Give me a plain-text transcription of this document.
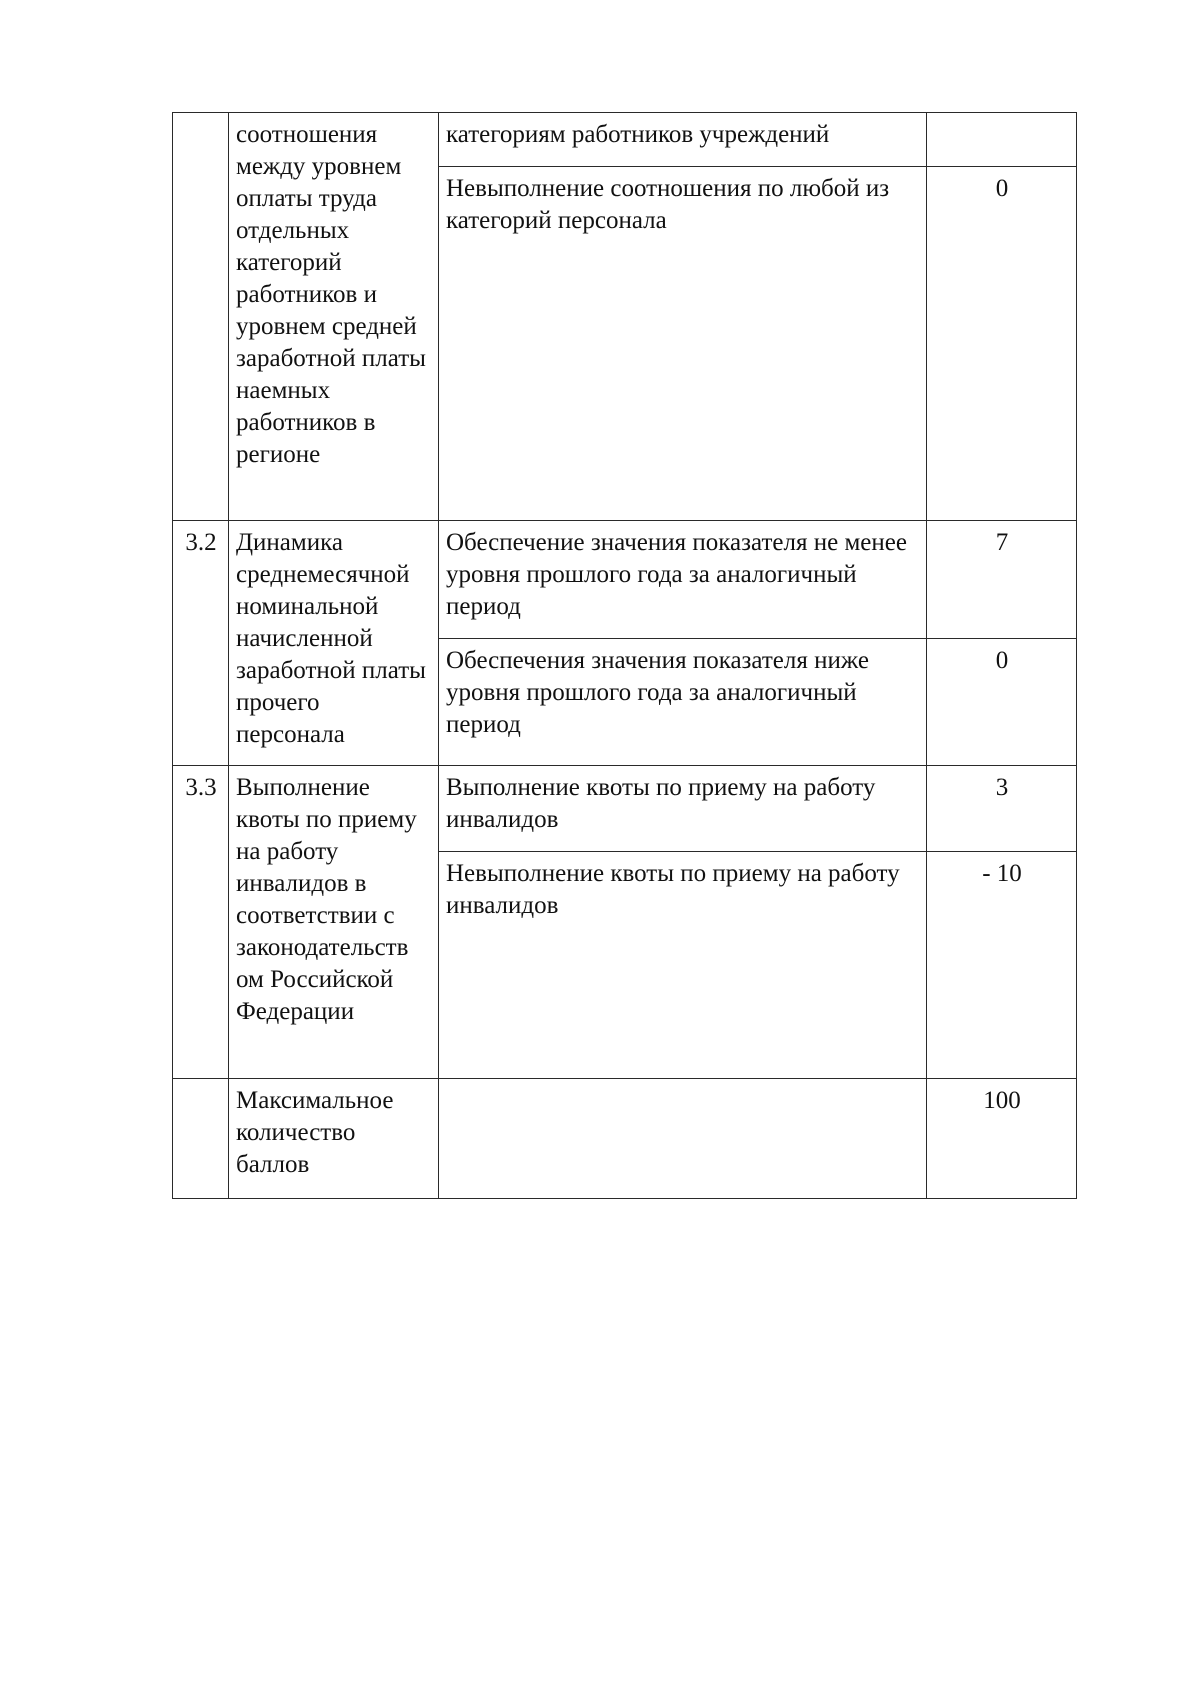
	соотношения между уровнем оплаты труда отдельных категорий работников и уровнем средней заработной платы наемных работников в регионе	категориям работников учреждений	
		Невыполнение соотношения по любой из категорий персонала	0
3.2	Динамика среднемесячной номинальной начисленной заработной платы прочего персонала	Обеспечение значения показателя не менее уровня прошлого года за аналогичный период	7
		Обеспечения значения показателя ниже уровня прошлого года за аналогичный период	0
3.3	Выполнение квоты по приему на работу инвалидов в соответствии с законодательств ом Российской Федерации	Выполнение квоты по приему на работу инвалидов	3
		Невыполнение квоты по приему на работу инвалидов	- 10
	Максимальное количество баллов		100
